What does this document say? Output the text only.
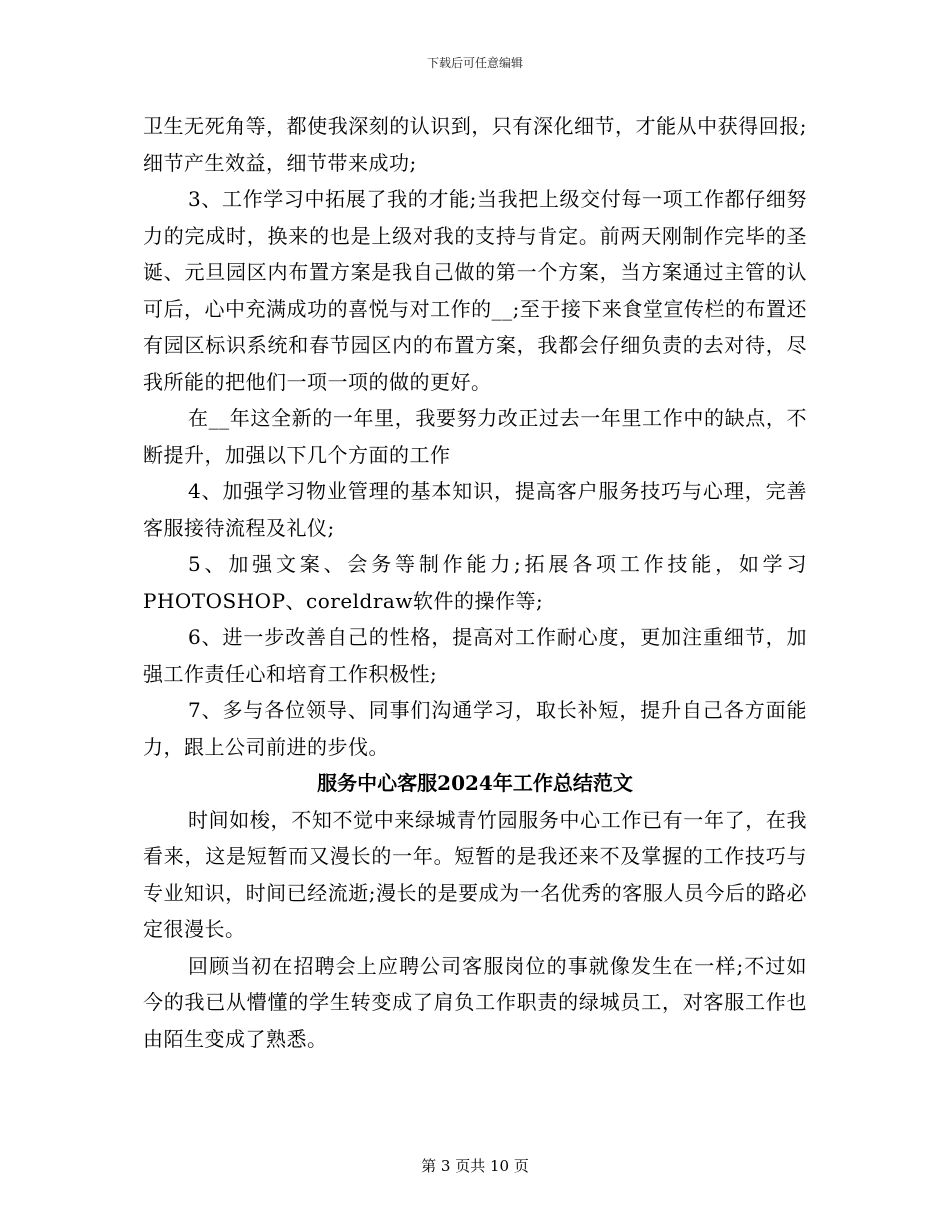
下载后可任意编辑

卫生无死角等，都使我深刻的认识到，只有深化细节，才能从中获得回报;细节产生效益，细节带来成功;

3、工作学习中拓展了我的才能;当我把上级交付每一项工作都仔细努力的完成时，换来的也是上级对我的支持与肯定。前两天刚制作完毕的圣诞、元旦园区内布置方案是我自己做的第一个方案，当方案通过主管的认可后，心中充满成功的喜悦与对工作的__;至于接下来食堂宣传栏的布置还有园区标识系统和春节园区内的布置方案，我都会仔细负责的去对待，尽我所能的把他们一项一项的做的更好。

在__年这全新的一年里，我要努力改正过去一年里工作中的缺点，不断提升，加强以下几个方面的工作

4、加强学习物业管理的基本知识，提高客户服务技巧与心理，完善客服接待流程及礼仪;

5、加强文案、会务等制作能力;拓展各项工作技能，如学习PHOTOSHOP、coreldraw软件的操作等;

6、进一步改善自己的性格，提高对工作耐心度，更加注重细节，加强工作责任心和培育工作积极性;

7、多与各位领导、同事们沟通学习，取长补短，提升自己各方面能力，跟上公司前进的步伐。

服务中心客服2024年工作总结范文

时间如梭，不知不觉中来绿城青竹园服务中心工作已有一年了，在我看来，这是短暂而又漫长的一年。短暂的是我还来不及掌握的工作技巧与专业知识，时间已经流逝;漫长的是要成为一名优秀的客服人员今后的路必定很漫长。

回顾当初在招聘会上应聘公司客服岗位的事就像发生在一样;不过如今的我已从懵懂的学生转变成了肩负工作职责的绿城员工，对客服工作也由陌生变成了熟悉。

第 3 页共 10 页
